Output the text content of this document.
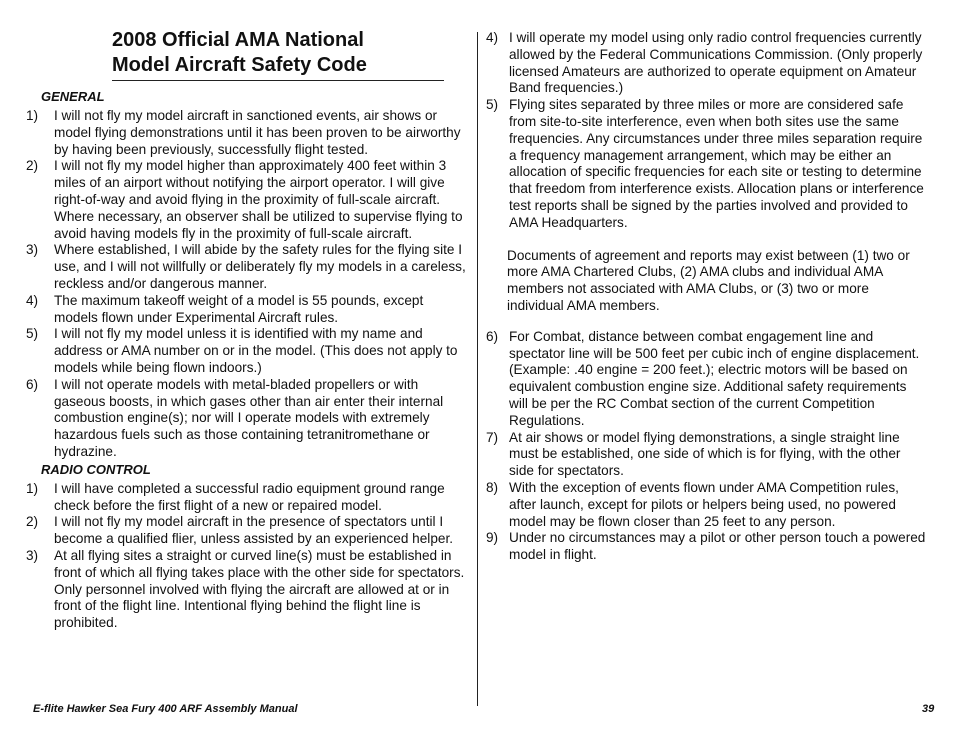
2008 Official AMA National
Model Aircraft Safety Code
GENERAL
1) I will not fly my model aircraft in sanctioned events, air shows or model flying demonstrations until it has been proven to be airworthy by having been previously, successfully flight tested.
2) I will not fly my model higher than approximately 400 feet within 3 miles of an airport without notifying the airport operator. I will give right-of-way and avoid flying in the proximity of full-scale aircraft. Where necessary, an observer shall be utilized to supervise flying to avoid having models fly in the proximity of full-scale aircraft.
3) Where established, I will abide by the safety rules for the flying site I use, and I will not willfully or deliberately fly my models in a careless, reckless and/or dangerous manner.
4) The maximum takeoff weight of a model is 55 pounds, except models flown under Experimental Aircraft rules.
5) I will not fly my model unless it is identified with my name and address or AMA number on or in the model. (This does not apply to models while being flown indoors.)
6) I will not operate models with metal-bladed propellers or with gaseous boosts, in which gases other than air enter their internal combustion engine(s); nor will I operate models with extremely hazardous fuels such as those containing tetranitromethane or hydrazine.
RADIO CONTROL
1) I will have completed a successful radio equipment ground range check before the first flight of a new or repaired model.
2) I will not fly my model aircraft in the presence of spectators until I become a qualified flier, unless assisted by an experienced helper.
3) At all flying sites a straight or curved line(s) must be established in front of which all flying takes place with the other side for spectators. Only personnel involved with flying the aircraft are allowed at or in front of the flight line. Intentional flying behind the flight line is prohibited.
4) I will operate my model using only radio control frequencies currently allowed by the Federal Communications Commission. (Only properly licensed Amateurs are authorized to operate equipment on Amateur Band frequencies.)
5) Flying sites separated by three miles or more are considered safe from site-to-site interference, even when both sites use the same frequencies. Any circumstances under three miles separation require a frequency management arrangement, which may be either an allocation of specific frequencies for each site or testing to determine that freedom from interference exists. Allocation plans or interference test reports shall be signed by the parties involved and provided to AMA Headquarters.

Documents of agreement and reports may exist between (1) two or more AMA Chartered Clubs, (2) AMA clubs and individual AMA members not associated with AMA Clubs, or (3) two or more individual AMA members.

6) For Combat, distance between combat engagement line and spectator line will be 500 feet per cubic inch of engine displacement. (Example: .40 engine = 200 feet.); electric motors will be based on equivalent combustion engine size. Additional safety requirements will be per the RC Combat section of the current Competition Regulations.
7) At air shows or model flying demonstrations, a single straight line must be established, one side of which is for flying, with the other side for spectators.
8) With the exception of events flown under AMA Competition rules, after launch, except for pilots or helpers being used, no powered model may be flown closer than 25 feet to any person.
9) Under no circumstances may a pilot or other person touch a powered model in flight.
E-flite Hawker Sea Fury 400 ARF Assembly Manual	39
